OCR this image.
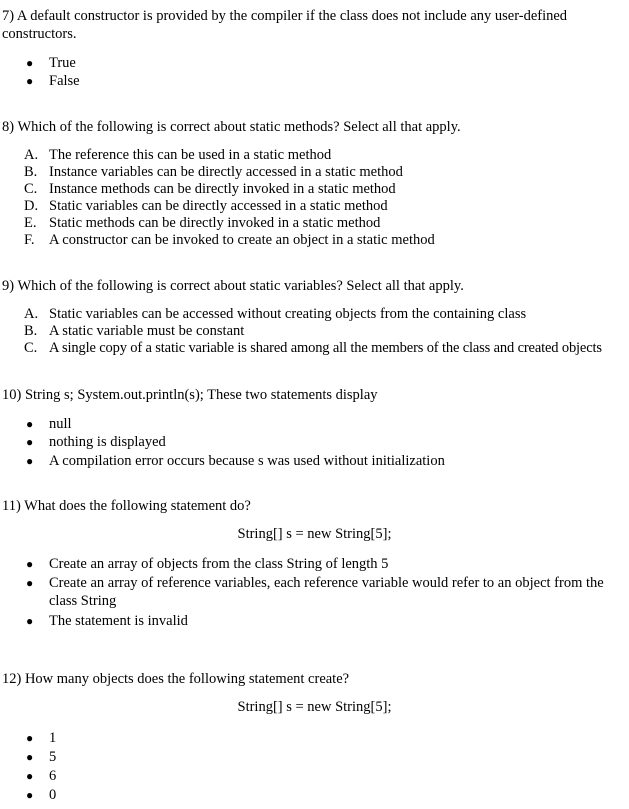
7) A default constructor is provided by the compiler if the class does not include any user-defined
constructors.
● True
● False
8) Which of the following is correct about static methods? Select all that apply.
A. The reference this can be used in a static method
B. Instance variables can be directly accessed in a static method
C. Instance methods can be directly invoked in a static method
D. Static variables can be directly accessed in a static method
E. Static methods can be directly invoked in a static method
F. A constructor can be invoked to create an object in a static method
9) Which of the following is correct about static variables? Select all that apply.
A. Static variables can be accessed without creating objects from the containing class
B. A static variable must be constant
C. A single copy of a static variable is shared among all the members of the class and created objects
10) String s; System.out.println(s); These two statements display
● null
● nothing is displayed
● A compilation error occurs because s was used without initialization
11) What does the following statement do?
String[] s = new String[5];
● Create an array of objects from the class String of length 5
● Create an array of reference variables, each reference variable would refer to an object from the
class String
● The statement is invalid
12) How many objects does the following statement create?
String[] s = new String[5];
● 1
● 5
● 6
● 0
